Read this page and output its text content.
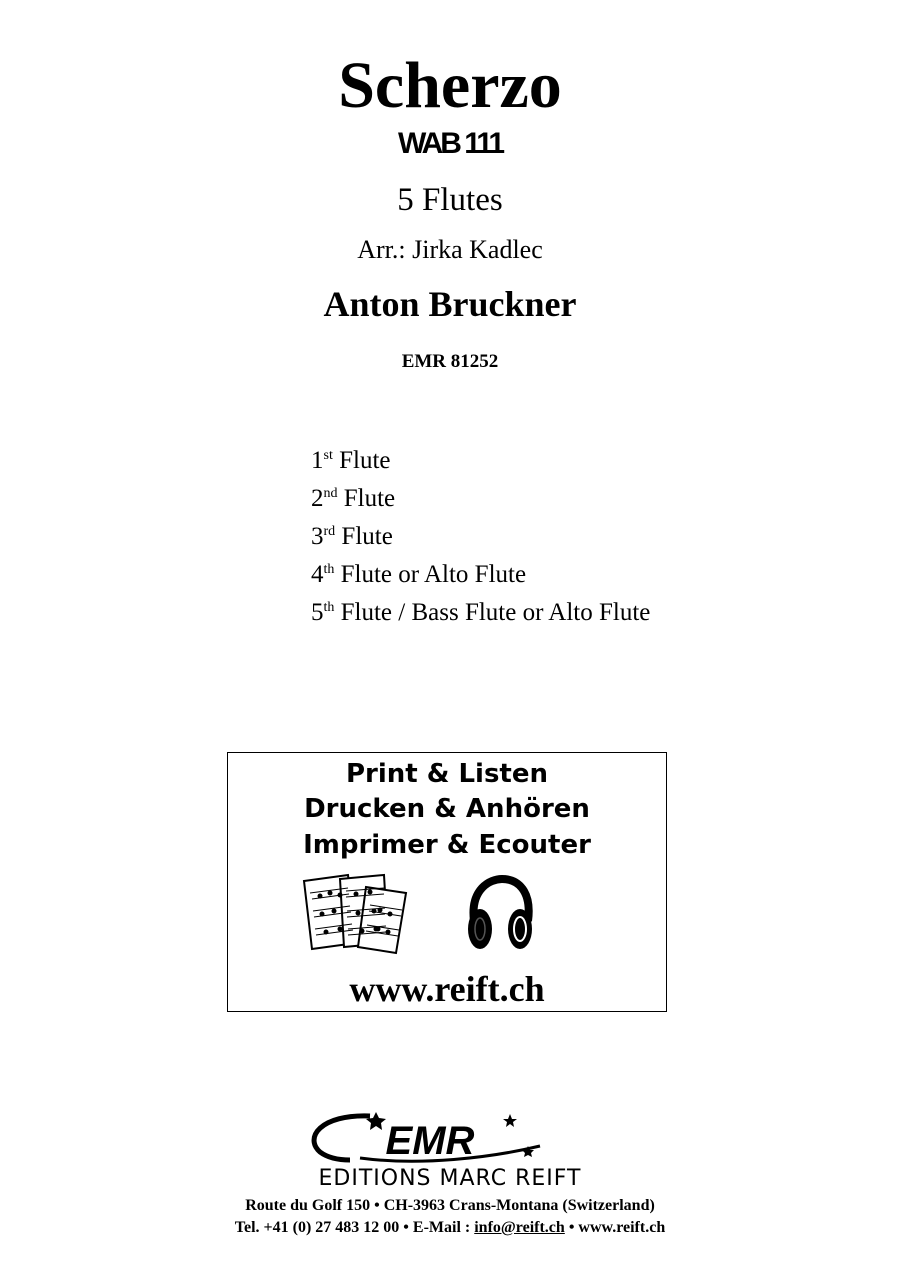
Scherzo
WAB 111
5 Flutes
Arr.: Jirka Kadlec
Anton Bruckner
EMR 81252
1st Flute
2nd Flute
3rd Flute
4th Flute or Alto Flute
5th Flute / Bass Flute or Alto Flute
Print & Listen
Drucken & Anhören
Imprimer & Ecouter
www.reift.ch
EMR
EDITIONS MARC REIFT
Route du Golf 150 • CH-3963 Crans-Montana (Switzerland)
Tel. +41 (0) 27 483 12 00 • E-Mail : info@reift.ch • www.reift.ch
